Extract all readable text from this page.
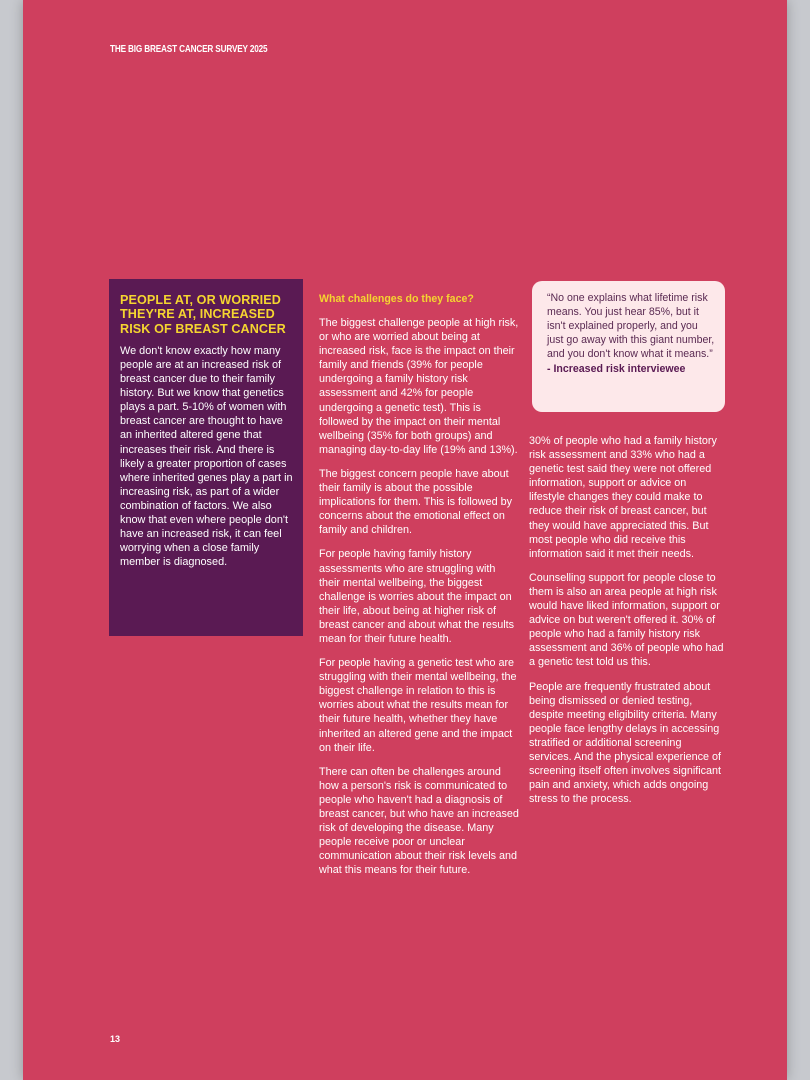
THE BIG BREAST CANCER SURVEY 2025
PEOPLE AT, OR WORRIED THEY'RE AT, INCREASED RISK OF BREAST CANCER

We don't know exactly how many people are at an increased risk of breast cancer due to their family history. But we know that genetics plays a part. 5-10% of women with breast cancer are thought to have an inherited altered gene that increases their risk. And there is likely a greater proportion of cases where inherited genes play a part in increasing risk, as part of a wider combination of factors. We also know that even where people don't have an increased risk, it can feel worrying when a close family member is diagnosed.

What challenges do they face?

The biggest challenge people at high risk, or who are worried about being at increased risk, face is the impact on their family and friends (39% for people undergoing a family history risk assessment and 42% for people undergoing a genetic test). This is followed by the impact on their mental wellbeing (35% for both groups) and managing day-to-day life (19% and 13%).

The biggest concern people have about their family is about the possible implications for them. This is followed by concerns about the emotional effect on family and children.

For people having family history assessments who are struggling with their mental wellbeing, the biggest challenge is worries about the impact on their life, about being at higher risk of breast cancer and about what the results mean for their future health.

For people having a genetic test who are struggling with their mental wellbeing, the biggest challenge in relation to this is worries about what the results mean for their future health, whether they have inherited an altered gene and the impact on their life.

There can often be challenges around how a person's risk is communicated to people who haven't had a diagnosis of breast cancer, but who have an increased risk of developing the disease. Many people receive poor or unclear communication about their risk levels and what this means for their future.

“No one explains what lifetime risk means. You just hear 85%, but it isn't explained properly, and you just go away with this giant number, and you don't know what it means.”

- Increased risk interviewee

30% of people who had a family history risk assessment and 33% who had a genetic test said they were not offered information, support or advice on lifestyle changes they could make to reduce their risk of breast cancer, but they would have appreciated this. But most people who did receive this information said it met their needs.

Counselling support for people close to them is also an area people at high risk would have liked information, support or advice on but weren't offered it. 30% of people who had a family history risk assessment and 36% of people who had a genetic test told us this.

People are frequently frustrated about being dismissed or denied testing, despite meeting eligibility criteria. Many people face lengthy delays in accessing stratified or additional screening services. And the physical experience of screening itself often involves significant pain and anxiety, which adds ongoing stress to the process.

13
